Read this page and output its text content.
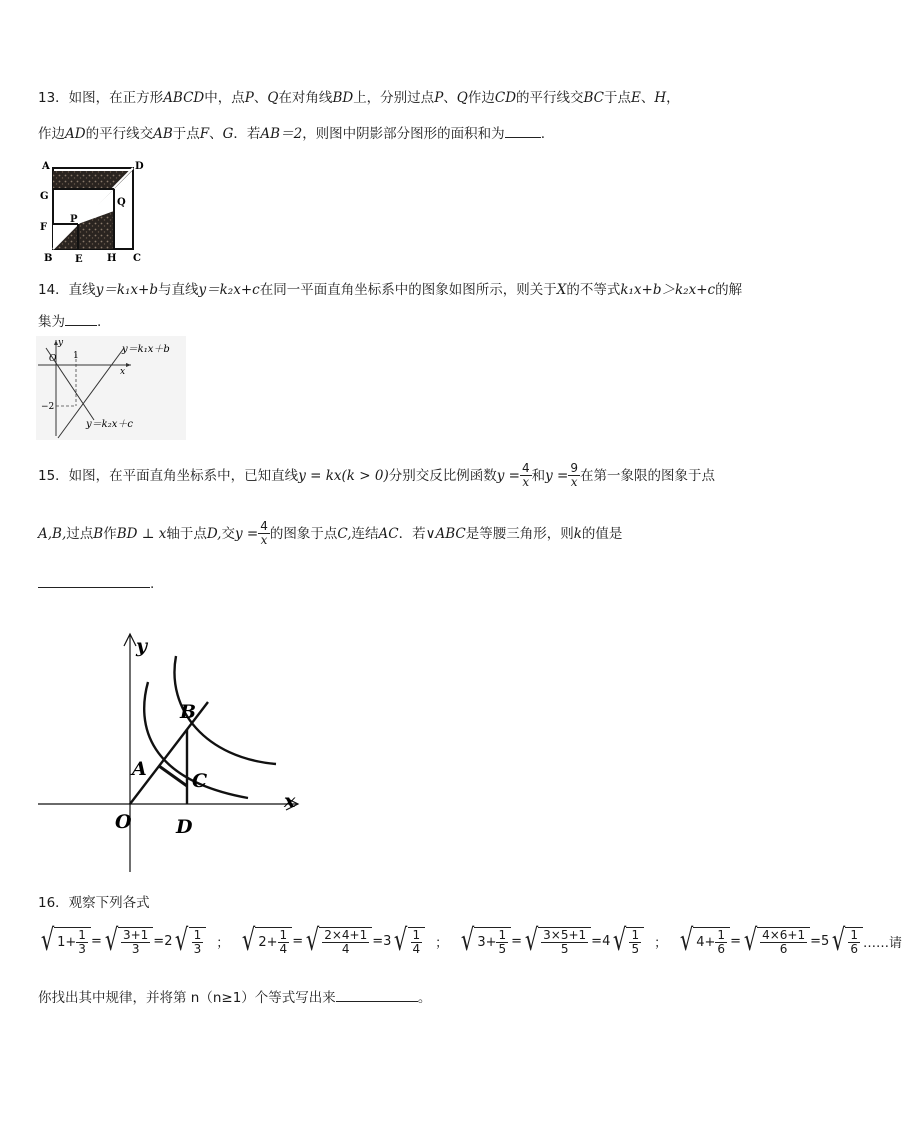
13．如图，在正方形ABCD中，点P、Q在对角线BD上，分别过点P、Q作边CD的平行线交BC于点E、H，
作边AD的平行线交AB于点F、G．若AB＝2，则图中阴影部分图形的面积和为	.
A	D
G
Q
P
F
B E H C
14．直线y＝k₁x+b与直线y＝k₂x+c在同一平面直角坐标系中的图象如图所示，则关于X的不等式k₁x+b＞k₂x+c的解
集为 .
y
O 1
x
−2
y＝k₁x＋b
y＝k₂x＋c
15．如图，在平面直角坐标系中，已知直线 y = kx (k > 0) 分别交反比例函数 $y = \frac{4}{x}$ 和 $y = \frac{9}{x}$ 在第一象限的图象于点
A,B, 过点 B 作 BD ⊥ x 轴于点 D, 交 $y = \frac{4}{x}$ 的图象于点 C, 连结 AC ．若 ∨ABC 是等腰三角形，则 k 的值是
.
y
x
O
A
B
C
D
16．观察下列各式
√ $1+ \frac{1}{3}$ = √ $\frac{3+1}{3} =2$ √ $\frac{1}{3}$ ； √ $2+ \frac{1}{4}$ = √ $\frac{2\times 4+1}{4} =3$ √ $\frac{1}{4}$ ； √ $3+ \frac{1}{5}$ = √ $\frac{3\times 5+1}{5} =4$ √ $\frac{1}{5}$ ； √ $4+ \frac{1}{6}$ = √ $\frac{4\times 6+1}{6} =5$ √ $\frac{1}{6}$ ……请
你找出其中规律，并将第 n（n≥1）个等式写出来	。
